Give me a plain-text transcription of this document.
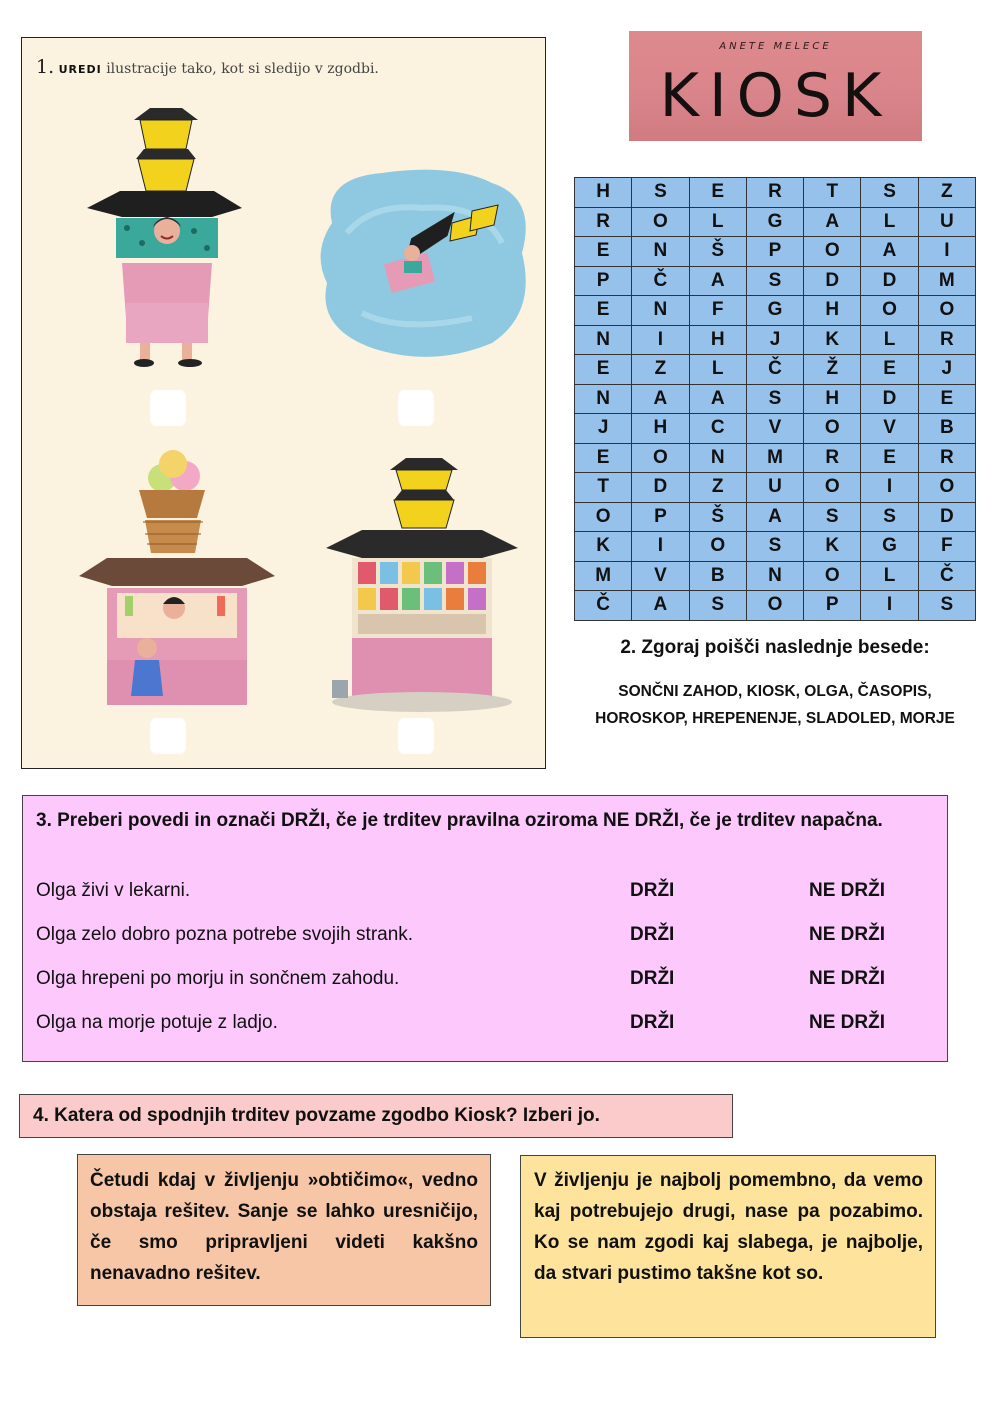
1. UREDI ilustracije tako, kot si sledijo v zgodbi.
ANETE MELECE
KIOSK
H	S	E	R	T	S	Z
R	O	L	G	A	L	U
E	N	Š	P	O	A	I
P	Č	A	S	D	D	M
E	N	F	G	H	O	O
N	I	H	J	K	L	R
E	Z	L	Č	Ž	E	J
N	A	A	S	H	D	E
J	H	C	V	O	V	B
E	O	N	M	R	E	R
T	D	Z	U	O	I	O
O	P	Š	A	S	S	D
K	I	O	S	K	G	F
M	V	B	N	O	L	Č
Č	A	S	O	P	I	S
2. Zgoraj poišči naslednje besede:
SONČNI ZAHOD, KIOSK, OLGA, ČASOPIS,
HOROSKOP, HREPENENJE, SLADOLED, MORJE
3. Preberi povedi in označi DRŽI, če je trditev pravilna oziroma NE DRŽI, če je trditev napačna.
Olga živi v lekarni.	DRŽI	NE DRŽI
Olga zelo dobro pozna potrebe svojih strank.	DRŽI	NE DRŽI
Olga hrepeni po morju in sončnem zahodu.	DRŽI	NE DRŽI
Olga na morje potuje z ladjo.	DRŽI	NE DRŽI
4. Katera od spodnjih trditev povzame zgodbo Kiosk? Izberi jo.
Četudi kdaj v življenju »obtičimo«, vedno obstaja rešitev. Sanje se lahko uresničijo, če smo pripravljeni videti kakšno nenavadno rešitev.
V življenju je najbolj pomembno, da vemo kaj potrebujejo drugi, nase pa pozabimo. Ko se nam zgodi kaj slabega, je najbolje, da stvari pustimo takšne kot so.
